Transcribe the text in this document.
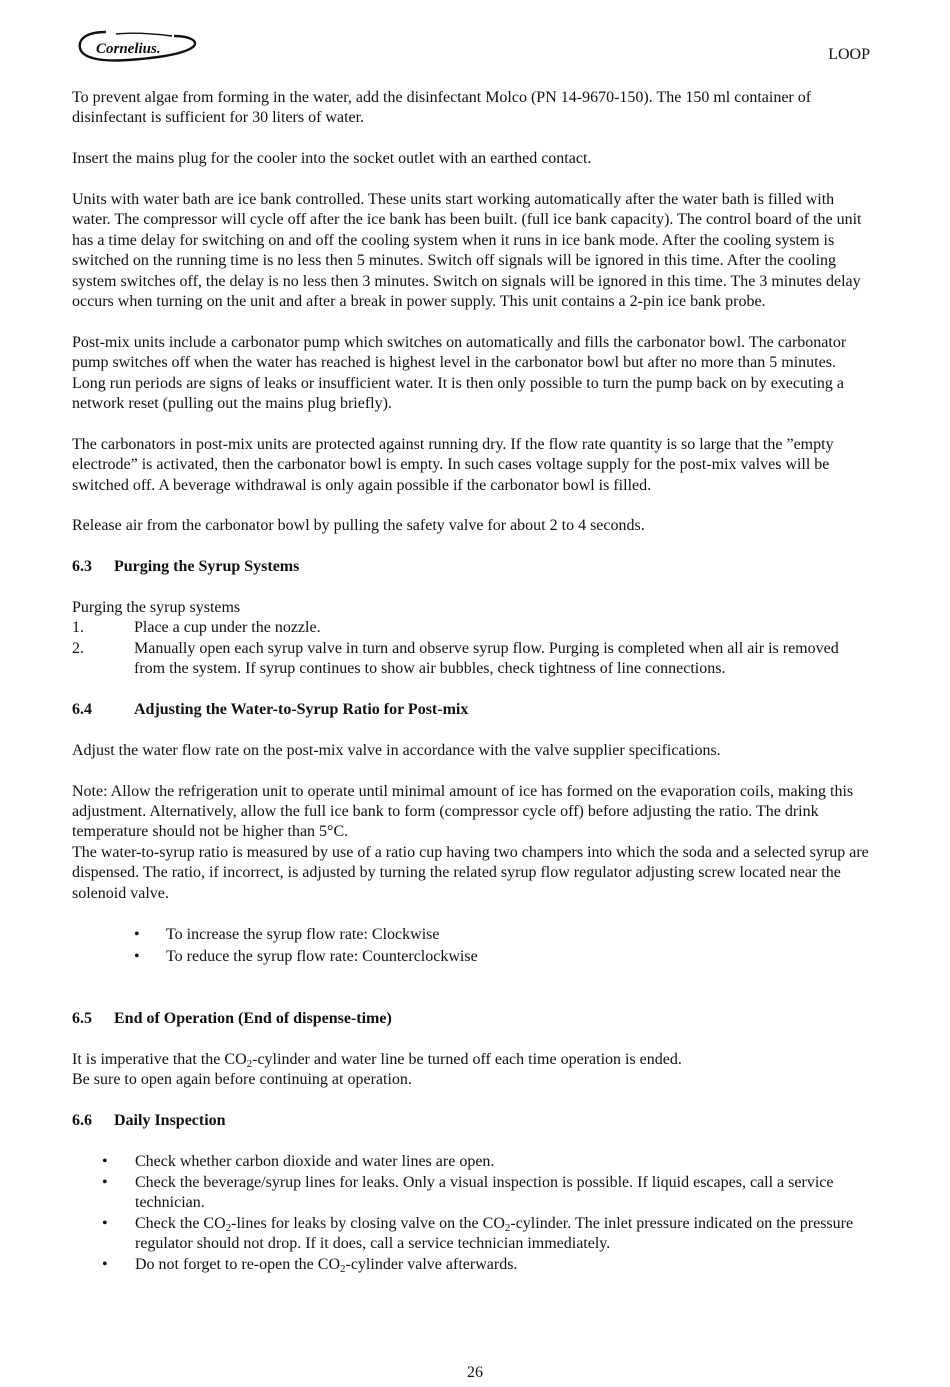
Cornelius.	LOOP

To prevent algae from forming in the water, add the disinfectant Molco (PN 14-9670-150). The 150 ml container of disinfectant is sufficient for 30 liters of water.

Insert the mains plug for the cooler into the socket outlet with an earthed contact.

Units with water bath are ice bank controlled. These units start working automatically after the water bath is filled with water. The compressor will cycle off after the ice bank has been built. (full ice bank capacity). The control board of the unit has a time delay for switching on and off the cooling system when it runs in ice bank mode. After the cooling system is switched on the running time is no less then 5 minutes. Switch off signals will be ignored in this time. After the cooling system switches off, the delay is no less then 3 minutes. Switch on signals will be ignored in this time. The 3 minutes delay occurs when turning on the unit and after a break in power supply. This unit contains a 2-pin ice bank probe.

Post-mix units include a carbonator pump which switches on automatically and fills the carbonator bowl. The carbonator pump switches off when the water has reached is highest level in the carbonator bowl but after no more than 5 minutes. Long run periods are signs of leaks or insufficient water. It is then only possible to turn the pump back on by executing a network reset (pulling out the mains plug briefly).

The carbonators in post-mix units are protected against running dry. If the flow rate quantity is so large that the ”empty electrode” is activated, then the carbonator bowl is empty. In such cases voltage supply for the post-mix valves will be switched off. A beverage withdrawal is only again possible if the carbonator bowl is filled.

Release air from the carbonator bowl by pulling the safety valve for about 2 to 4 seconds.

6.3 Purging the Syrup Systems
Purging the syrup systems
1.	Place a cup under the nozzle.
2.	Manually open each syrup valve in turn and observe syrup flow. Purging is completed when all air is removed from the system. If syrup continues to show air bubbles, check tightness of line connections.
6.4	Adjusting the Water-to-Syrup Ratio for Post-mix

Adjust the water flow rate on the post-mix valve in accordance with the valve supplier specifications.

Note: Allow the refrigeration unit to operate until minimal amount of ice has formed on the evaporation coils, making this adjustment. Alternatively, allow the full ice bank to form (compressor cycle off) before adjusting the ratio. The drink temperature should not be higher than 5°C.

The water-to-syrup ratio is measured by use of a ratio cup having two champers into which the soda and a selected syrup are dispensed. The ratio, if incorrect, is adjusted by turning the related syrup flow regulator adjusting screw located near the solenoid valve.

• To increase the syrup flow rate: Clockwise
• To reduce the syrup flow rate: Counterclockwise
6.5 End of Operation (End of dispense-time)
It is imperative that the $CO_2$-cylinder and water line be turned off each time operation is ended.

Be sure to open again before continuing at operation.

6.6 Daily Inspection
• Check whether carbon dioxide and water lines are open.
• Check the beverage/syrup lines for leaks. Only a visual inspection is possible. If liquid escapes, call a service technician.
• Check the $CO_2$-lines for leaks by closing valve on the $CO_2$-cylinder. The inlet pressure indicated on the pressure regulator should not drop. If it does, call a service technician immediately.
• Do not forget to re-open the $CO_2$-cylinder valve afterwards.
26
